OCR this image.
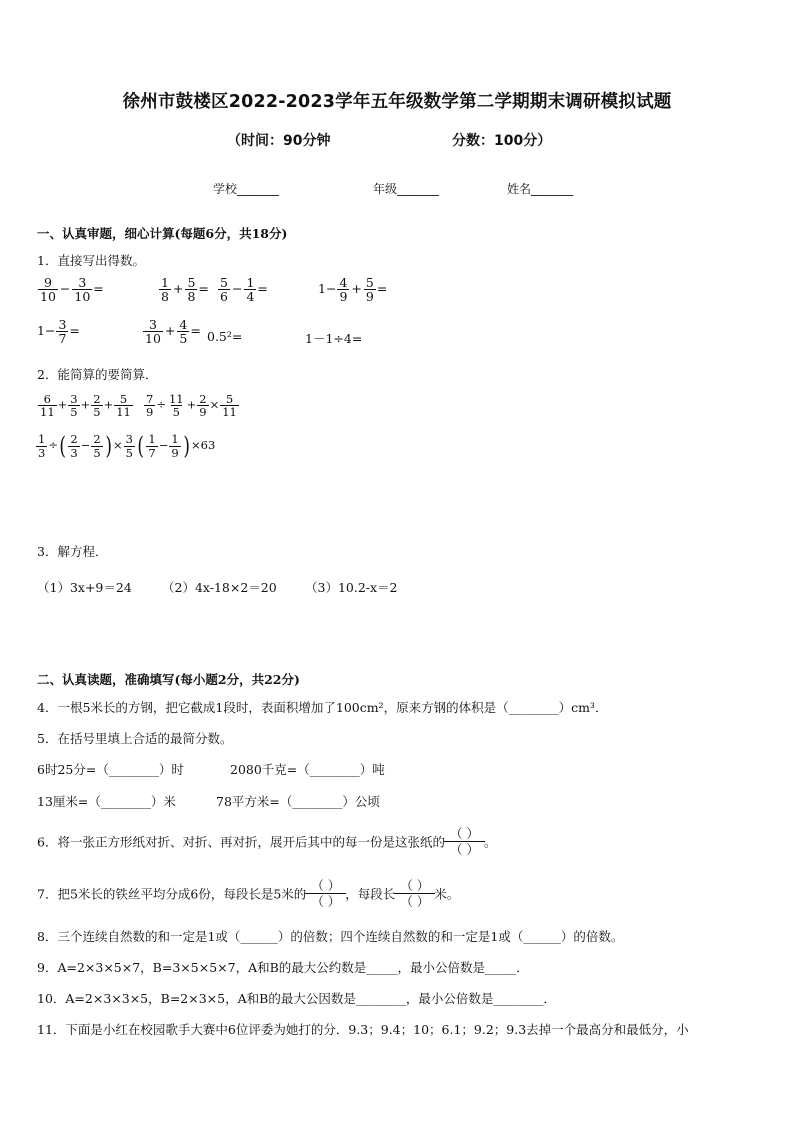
徐州市鼓楼区2022-2023学年五年级数学第二学期期末调研模拟试题
（时间：90分钟	分数：100分）
学校_______	年级_______	姓名_______
一、认真审题，细心计算(每题6分，共18分)
1．直接写出得数。
$\frac{9}{10} - \frac{3}{10}$ =	$\frac{1}{8} + \frac{5}{8} = \frac{5}{6} - \frac{1}{4}$ =	$1- \frac{4}{9} + \frac{5}{9}$ =
$1- \frac{3}{7}$ =	$\frac{3}{10} + \frac{4}{5} = 0.5^2=$	1－1÷4=
2．能简算的要简算．
$\frac{6}{11} + \frac{3}{5} + \frac{2}{5} + \frac{5}{11} \frac{7}{9} \div \frac{11}{5} + \frac{2}{9} \times \frac{5}{11}$
$\frac{1}{3}$ ÷( $\frac{2}{3} - \frac{2}{5}$ )× $\frac{3}{5}$ ( $\frac{1}{7} - \frac{1}{9} )\times 63$
3．解方程．
（1）3x+9＝24 （2）4x-18×2＝20 （3）10.2-x＝2
二、认真读题，准确填写(每小题2分，共22分)
4．一根5米长的方钢，把它截成1段时，表面积增加了100cm²，原来方钢的体积是（________）cm³．
5．在括号里填上合适的最简分数。
6时25分=（________）时	2080千克=（________）吨
13厘米=（________）米	78平方米=（________）公顷
6．将一张正方形纸对折、对折、再对折，展开后其中的每一份是这张纸的
（ ）
（ ） 。
7．把5米长的铁丝平均分成6份，每段长是5米的
（ ）
（ ） ，每段长
（ ）
（ ） 米。
8．三个连续自然数的和一定是1或（______）的倍数；四个连续自然数的和一定是1或（______）的倍数。
9．A=2×3×5×7，B=3×5×5×7，A和B的最大公约数是_____，最小公倍数是_____．
10．A=2×3×3×5，B=2×3×5，A和B的最大公因数是________，最小公倍数是________．
11．下面是小红在校园歌手大赛中6位评委为她打的分．9.3；9.4；10；6.1；9.2；9.3去掉一个最高分和最低分，小
